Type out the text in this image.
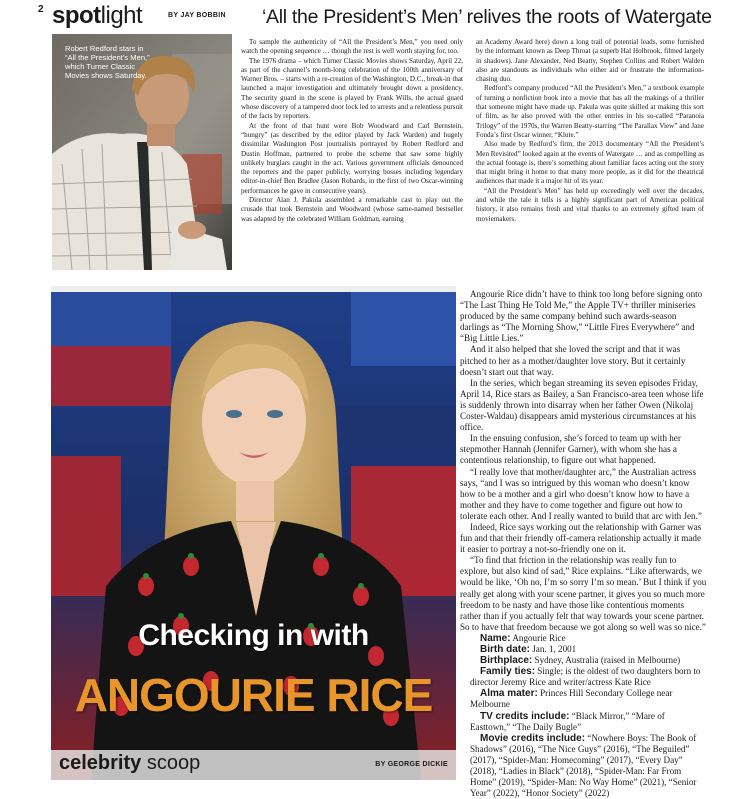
2 spotlight	BY JAY BOBBIN ‘All the President’s Men’ relives the roots of Watergate
Robert Redford stars in “All the President’s Men,” which Turner Classic Movies shows Saturday.

To sample the authenticity of “All the President’s Men,” you need only watch the opening sequence … though the rest is well worth staying for, too.

The 1976 drama – which Turner Classic Movies shows Saturday, April 22, as part of the channel’s month-long celebration of the 100th anniversary of Warner Bros. – starts with a re-creation of the Washington, D.C., break-in that launched a major investigation and ultimately brought down a presidency. The security guard in the scene is played by Frank Wills, the actual guard whose discovery of a tampered door lock led to arrests and a relentless pursuit of the facts by reporters.

At the front of that hunt were Bob Woodward and Carl Bernstein, “hungry” (as described by the editor played by Jack Warden) and hugely dissimilar Washington Post journalists portrayed by Robert Redford and Dustin Hoffman, partnered to probe the scheme that saw some highly unlikely burglars caught in the act. Various government officials denounced the reporters and the paper publicly, worrying bosses including legendary editor-in-chief Ben Bradlee (Jason Robards, in the first of two Oscar-winning performances he gave in consecutive years).

Director Alan J. Pakula assembled a remarkable cast to play out the crusade that took Bernstein and Woodward (whose same-named bestseller was adapted by the celebrated William Goldman, earning

an Academy Award here) down a long trail of potential leads, some furnished by the informant known as Deep Throat (a superb Hal Holbrook, filmed largely in shadows). Jane Alexander, Ned Beatty, Stephen Collins and Robert Walden also are standouts as individuals who either aid or frustrate the information-chasing duo.

Redford’s company produced “All the President’s Men,” a textbook example of turning a nonfiction book into a movie that has all the makings of a thriller that someone might have made up. Pakula was quite skilled at making this sort of film, as he also proved with the other entries in his so-called “Paranoia Trilogy” of the 1970s, the Warren Beatty-starring “The Parallax View” and Jane Fonda’s first Oscar winner, “Klute.”

Also made by Redford’s firm, the 2013 documentary “All the President’s Men Revisited” looked again at the events of Watergate … and as compelling as the actual footage is, there’s something about familiar faces acting out the story that might bring it home to that many more people, as it did for the theatrical audiences that made it a major hit of its year.

“All the President’s Men” has held up exceedingly well over the decades, and while the tale it tells is a highly significant part of American political history, it also remains fresh and vital thanks to an extremely gifted team of moviemakers.

Checking in with
ANGOURIE RICE
celebrity scoop	BY GEORGE DICKIE

Angourie Rice didn’t have to think too long before signing onto “The Last Thing He Told Me,” the Apple TV+ thriller miniseries produced by the same company behind such awards-season darlings as “The Morning Show,” “Little Fires Everywhere” and “Big Little Lies.”

And it also helped that she loved the script and that it was pitched to her as a mother/daughter love story. But it certainly doesn’t start out that way.

In the series, which began streaming its seven episodes Friday, April 14, Rice stars as Bailey, a San Francisco-area teen whose life is suddenly thrown into disarray when her father Owen (Nikolaj Coster-Waldau) disappears amid mysterious circumstances at his office.

In the ensuing confusion, she’s forced to team up with her stepmother Hannah (Jennifer Garner), with whom she has a contentious relationship, to figure out what happened.

“I really love that mother/daughter arc,” the Australian actress says, “and I was so intrigued by this woman who doesn’t know how to be a mother and a girl who doesn’t know how to have a mother and they have to come together and figure out how to tolerate each other. And I really wanted to build that arc with Jen.”

Indeed, Rice says working out the relationship with Garner was fun and that their friendly off-camera relationship actually it made it easier to portray a not-so-friendly one on it.

“To find that friction in the relationship was really fun to explore, but also kind of sad,” Rice explains. “Like afterwards, we would be like, ‘Oh no, I’m so sorry I’m so mean.’ But I think if you really get along with your scene partner, it gives you so much more freedom to be nasty and have those like contentious moments rather than if you actually felt that way towards your scene partner. So to have that freedom because we got along so well was so nice.”

Name: Angourie Rice

Birth date: Jan. 1, 2001

Birthplace: Sydney, Australia (raised in Melbourne)

Family ties: Single; is the oldest of two daughters born to director Jeremy Rice and writer/actress Kate Rice

Alma mater: Princes Hill Secondary College near Melbourne

TV credits include: “Black Mirror,” “Mare of Easttown,” “The Daily Bugle”

Movie credits include: “Nowhere Boys: The Book of Shadows” (2016), “The Nice Guys” (2016), “The Beguiled” (2017), “Spider-Man: Homecoming” (2017), “Every Day” (2018), “Ladies in Black” (2018), “Spider-Man: Far From Home” (2019), “Spider-Man: No Way Home” (2021), “Senior Year” (2022), “Honor Society” (2022)
